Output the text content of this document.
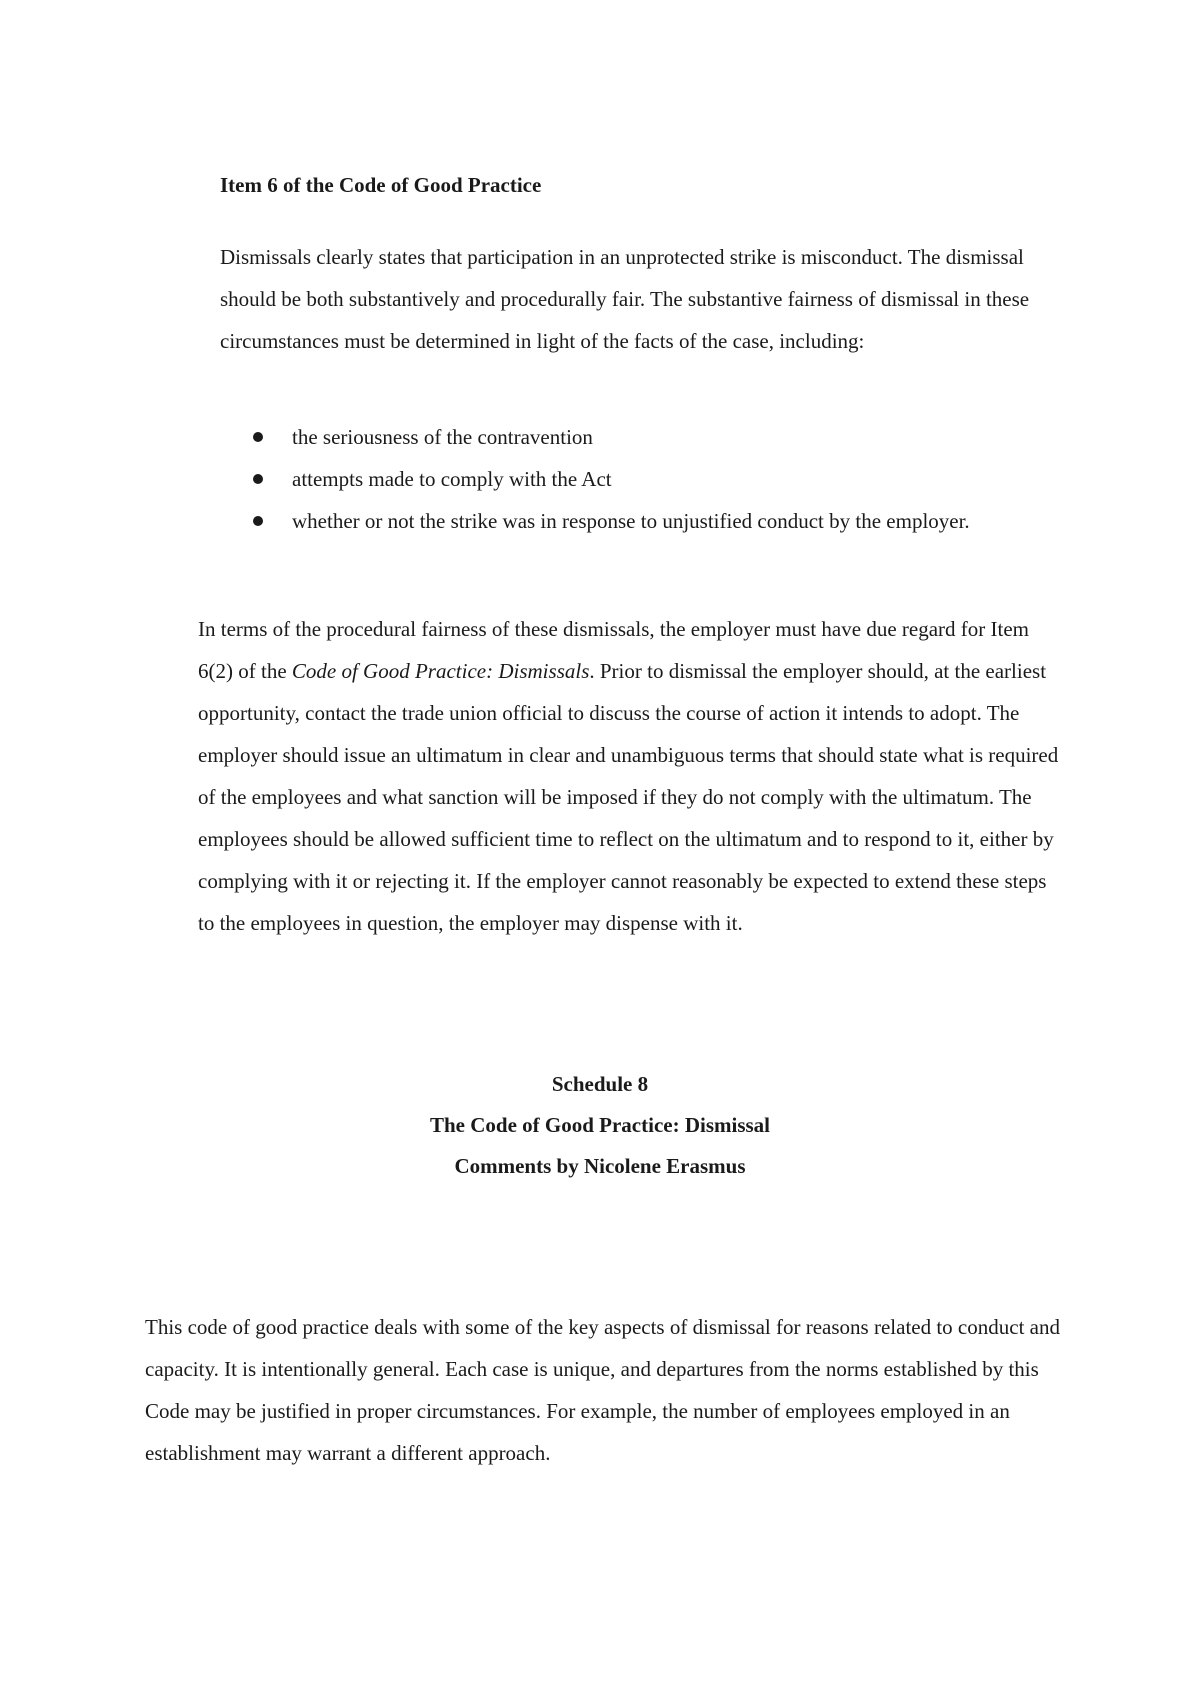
Item 6 of the Code of Good Practice

Dismissals clearly states that participation in an unprotected strike is misconduct. The dismissal should be both substantively and procedurally fair. The substantive fairness of dismissal in these circumstances must be determined in light of the facts of the case, including:

the seriousness of the contravention
attempts made to comply with the Act
whether or not the strike was in response to unjustified conduct by the employer.

In terms of the procedural fairness of these dismissals, the employer must have due regard for Item 6(2) of the Code of Good Practice: Dismissals. Prior to dismissal the employer should, at the earliest opportunity, contact the trade union official to discuss the course of action it intends to adopt. The employer should issue an ultimatum in clear and unambiguous terms that should state what is required of the employees and what sanction will be imposed if they do not comply with the ultimatum. The employees should be allowed sufficient time to reflect on the ultimatum and to respond to it, either by complying with it or rejecting it. If the employer cannot reasonably be expected to extend these steps to the employees in question, the employer may dispense with it.

Schedule 8
The Code of Good Practice: Dismissal
Comments by Nicolene Erasmus

This code of good practice deals with some of the key aspects of dismissal for reasons related to conduct and capacity. It is intentionally general. Each case is unique, and departures from the norms established by this Code may be justified in proper circumstances. For example, the number of employees employed in an establishment may warrant a different approach.
